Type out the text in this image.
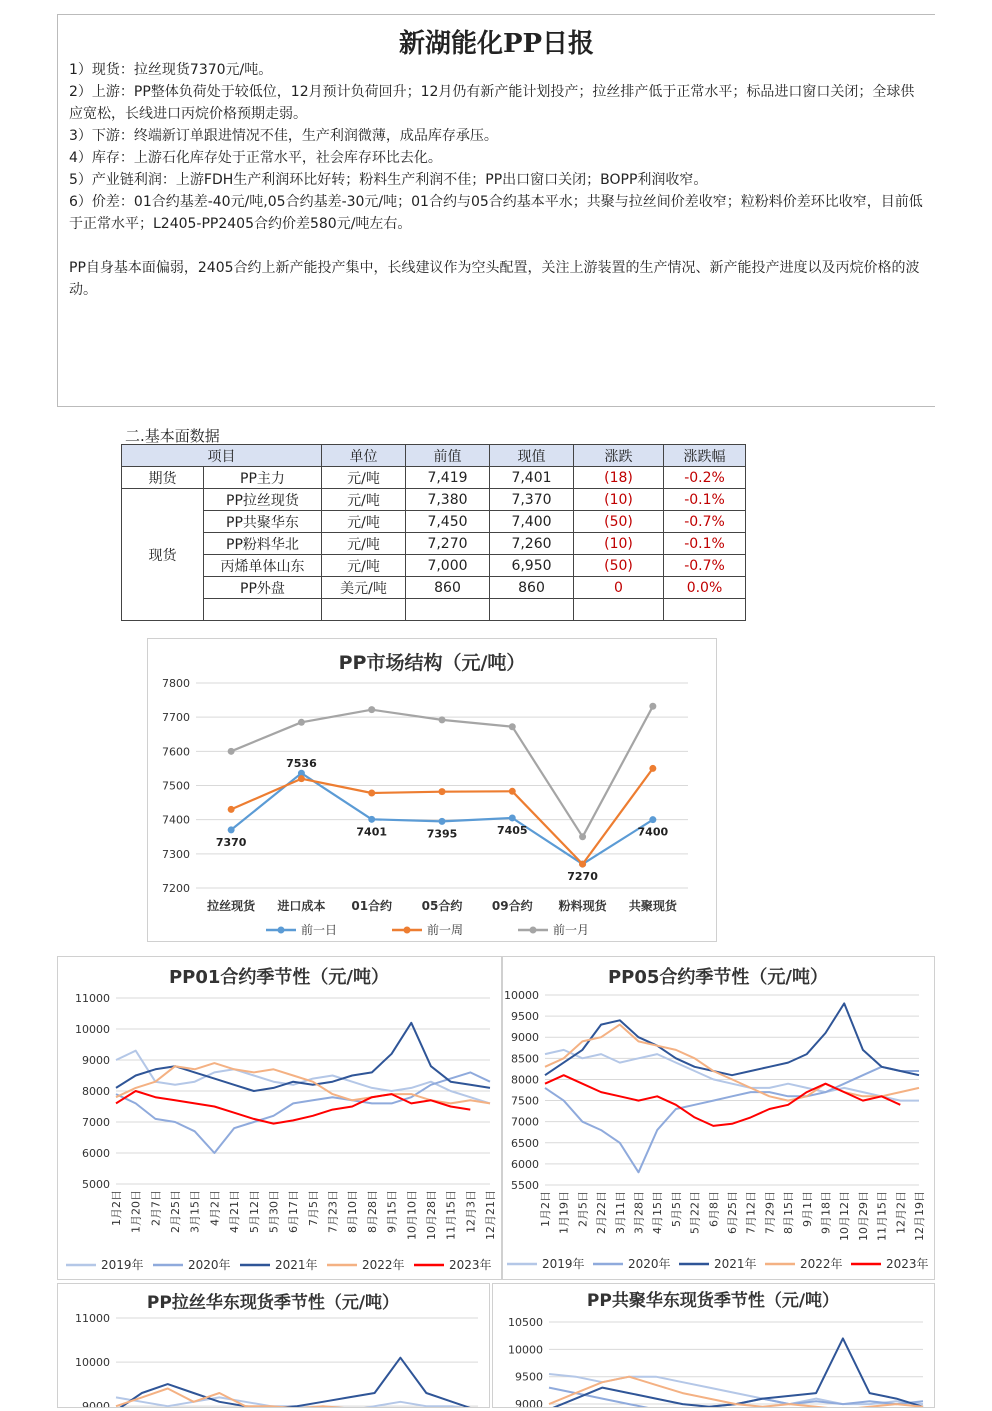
新湖能化PP日报

1）现货：拉丝现货7370元/吨。

2）上游：PP整体负荷处于较低位，12月预计负荷回升；12月仍有新产能计划投产；拉丝排产低于正常水平；标品进口窗口关闭；全球供应宽松，长线进口丙烷价格预期走弱。

3）下游：终端新订单跟进情况不佳，生产利润微薄，成品库存承压。

4）库存：上游石化库存处于正常水平，社会库存环比去化。

5）产业链利润：上游FDH生产利润环比好转；粉料生产利润不佳；PP出口窗口关闭；BOPP利润收窄。

6）价差：01合约基差-40元/吨,05合约基差-30元/吨；01合约与05合约基本平水；共聚与拉丝间价差收窄；粒粉料价差环比收窄，目前低于正常水平；L2405-PP2405合约价差580元/吨左右。

PP自身基本面偏弱，2405合约上新产能投产集中，长线建议作为空头配置，关注上游装置的生产情况、新产能投产进度以及丙烷价格的波动。

二.基本面数据
项目		单位	前值	现值	涨跌	涨跌幅
期货	PP主力	元/吨	7,419	7,401	(18)	-0.2%
现货	PP拉丝现货	元/吨	7,380	7,370	(10)	-0.1%
	PP共聚华东	元/吨	7,450	7,400	(50)	-0.7%
	PP粉料华北	元/吨	7,270	7,260	(10)	-0.1%
	丙烯单体山东	元/吨	7,000	6,950	(50)	-0.7%
	PP外盘	美元/吨	860	860	0	0.0%

PP市场结构（元/吨）
7200
7300
7400
7500
7600
7700
7800
7370
7536
7401	7395	7405
7270
7400
拉丝现货 进口成本 01合约 05合约 09合约 粉料现货 共聚现货
前一日	前一周	前一月
PP01合约季节性（元/吨）
5000
6000
7000
8000
9000
10000
11000
1月2日 1月20日 2月7日 2月25日 3月15日 4月2日 4月21日 5月12日 5月30日 6月17日 7月5日 7月23日 8月10日 8月28日 9月15日 10月10日 10月28日 11月15日 12月3日 12月21日
2019年	2020年	2021年	2022年	2023年
PP05合约季节性（元/吨）
5500
6000
6500
7000
7500
8000
8500
9000
9500
10000
1月2日 1月19日 2月5日 2月22日 3月11日 3月28日 4月15日 5月5日 5月22日 6月8日 6月25日 7月12日 7月29日 8月15日 9月1日 9月18日 10月12日 10月29日 11月15日 12月2日 12月19日
2019年	2020年	2021年	2022年	2023年
PP拉丝华东现货季节性（元/吨）
9000
10000
11000
PP共聚华东现货季节性（元/吨）
9000
9500
10000
10500
